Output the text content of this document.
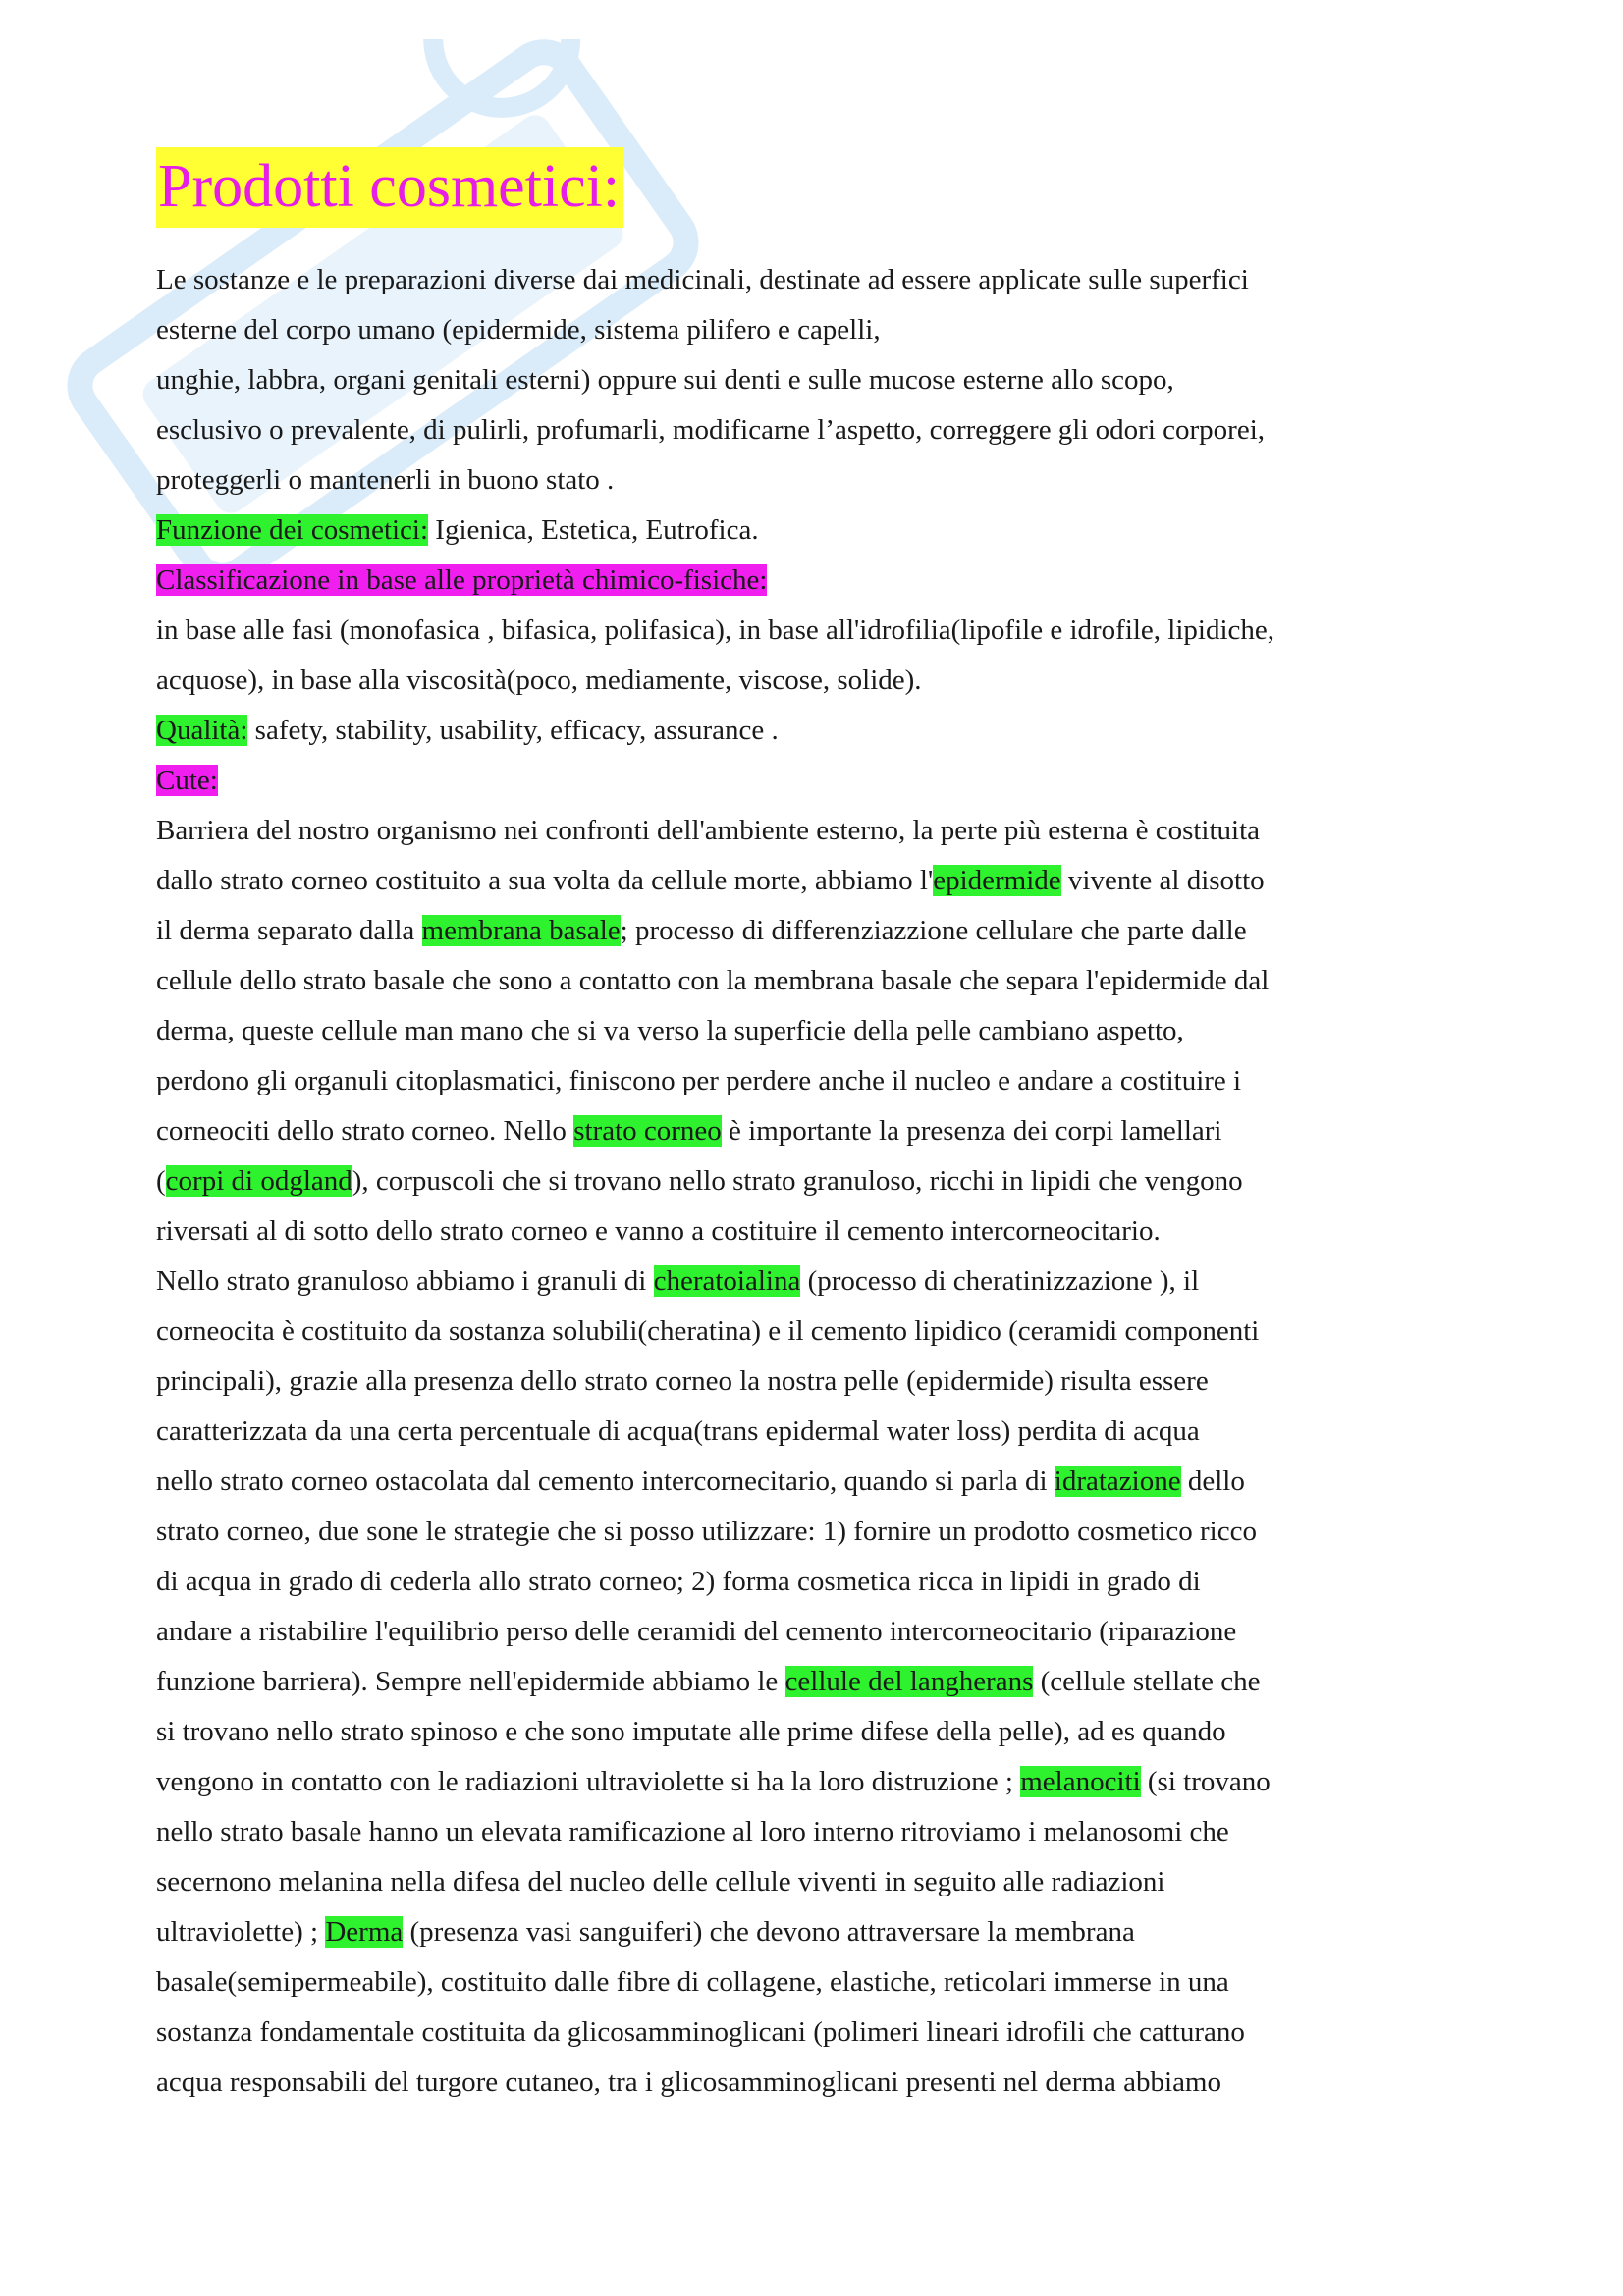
Prodotti cosmetici:

Le sostanze e le preparazioni diverse dai medicinali, destinate ad essere applicate sulle superfici
esterne del corpo umano (epidermide, sistema pilifero e capelli,
unghie, labbra, organi genitali esterni) oppure sui denti e sulle mucose esterne allo scopo,
esclusivo o prevalente, di pulirli, profumarli, modificarne l’aspetto, correggere gli odori corporei,
proteggerli o mantenerli in buono stato .
Funzione dei cosmetici: Igienica, Estetica, Eutrofica.
Classificazione in base alle proprietà chimico-fisiche:
in base alle fasi (monofasica , bifasica, polifasica), in base all'idrofilia(lipofile e idrofile, lipidiche,
acquose), in base alla viscosità(poco, mediamente, viscose, solide).
Qualità: safety, stability, usability, efficacy, assurance .
Cute:
Barriera del nostro organismo nei confronti dell'ambiente esterno, la perte più esterna è costituita
dallo strato corneo costituito a sua volta da cellule morte, abbiamo l'epidermide vivente al disotto
il derma separato dalla membrana basale; processo di differenziazzione cellulare che parte dalle
cellule dello strato basale che sono a contatto con la membrana basale che separa l'epidermide dal
derma, queste cellule man mano che si va verso la superficie della pelle cambiano aspetto,
perdono gli organuli citoplasmatici, finiscono per perdere anche il nucleo e andare a costituire i
corneociti dello strato corneo. Nello strato corneo è importante la presenza dei corpi lamellari
(corpi di odgland), corpuscoli che si trovano nello strato granuloso, ricchi in lipidi che vengono
riversati al di sotto dello strato corneo e vanno a costituire il cemento intercorneocitario.
Nello strato granuloso abbiamo i granuli di cheratoialina (processo di cheratinizzazione ), il
corneocita è costituito da sostanza solubili(cheratina) e il cemento lipidico (ceramidi componenti
principali), grazie alla presenza dello strato corneo la nostra pelle (epidermide) risulta essere
caratterizzata da una certa percentuale di acqua(trans epidermal water loss) perdita di acqua
nello strato corneo ostacolata dal cemento intercornecitario, quando si parla di idratazione dello
strato corneo, due sone le strategie che si posso utilizzare: 1) fornire un prodotto cosmetico ricco
di acqua in grado di cederla allo strato corneo; 2) forma cosmetica ricca in lipidi in grado di
andare a ristabilire l'equilibrio perso delle ceramidi del cemento intercorneocitario (riparazione
funzione barriera). Sempre nell'epidermide abbiamo le cellule del langherans (cellule stellate che
si trovano nello strato spinoso e che sono imputate alle prime difese della pelle), ad es quando
vengono in contatto con le radiazioni ultraviolette si ha la loro distruzione ; melanociti (si trovano
nello strato basale hanno un elevata ramificazione al loro interno ritroviamo i melanosomi che
secernono melanina nella difesa del nucleo delle cellule viventi in seguito alle radiazioni
ultraviolette) ; Derma (presenza vasi sanguiferi) che devono attraversare la membrana
basale(semipermeabile), costituito dalle fibre di collagene, elastiche, reticolari immerse in una
sostanza fondamentale costituita da glicosamminoglicani (polimeri lineari idrofili che catturano
acqua responsabili del turgore cutaneo, tra i glicosamminoglicani presenti nel derma abbiamo
